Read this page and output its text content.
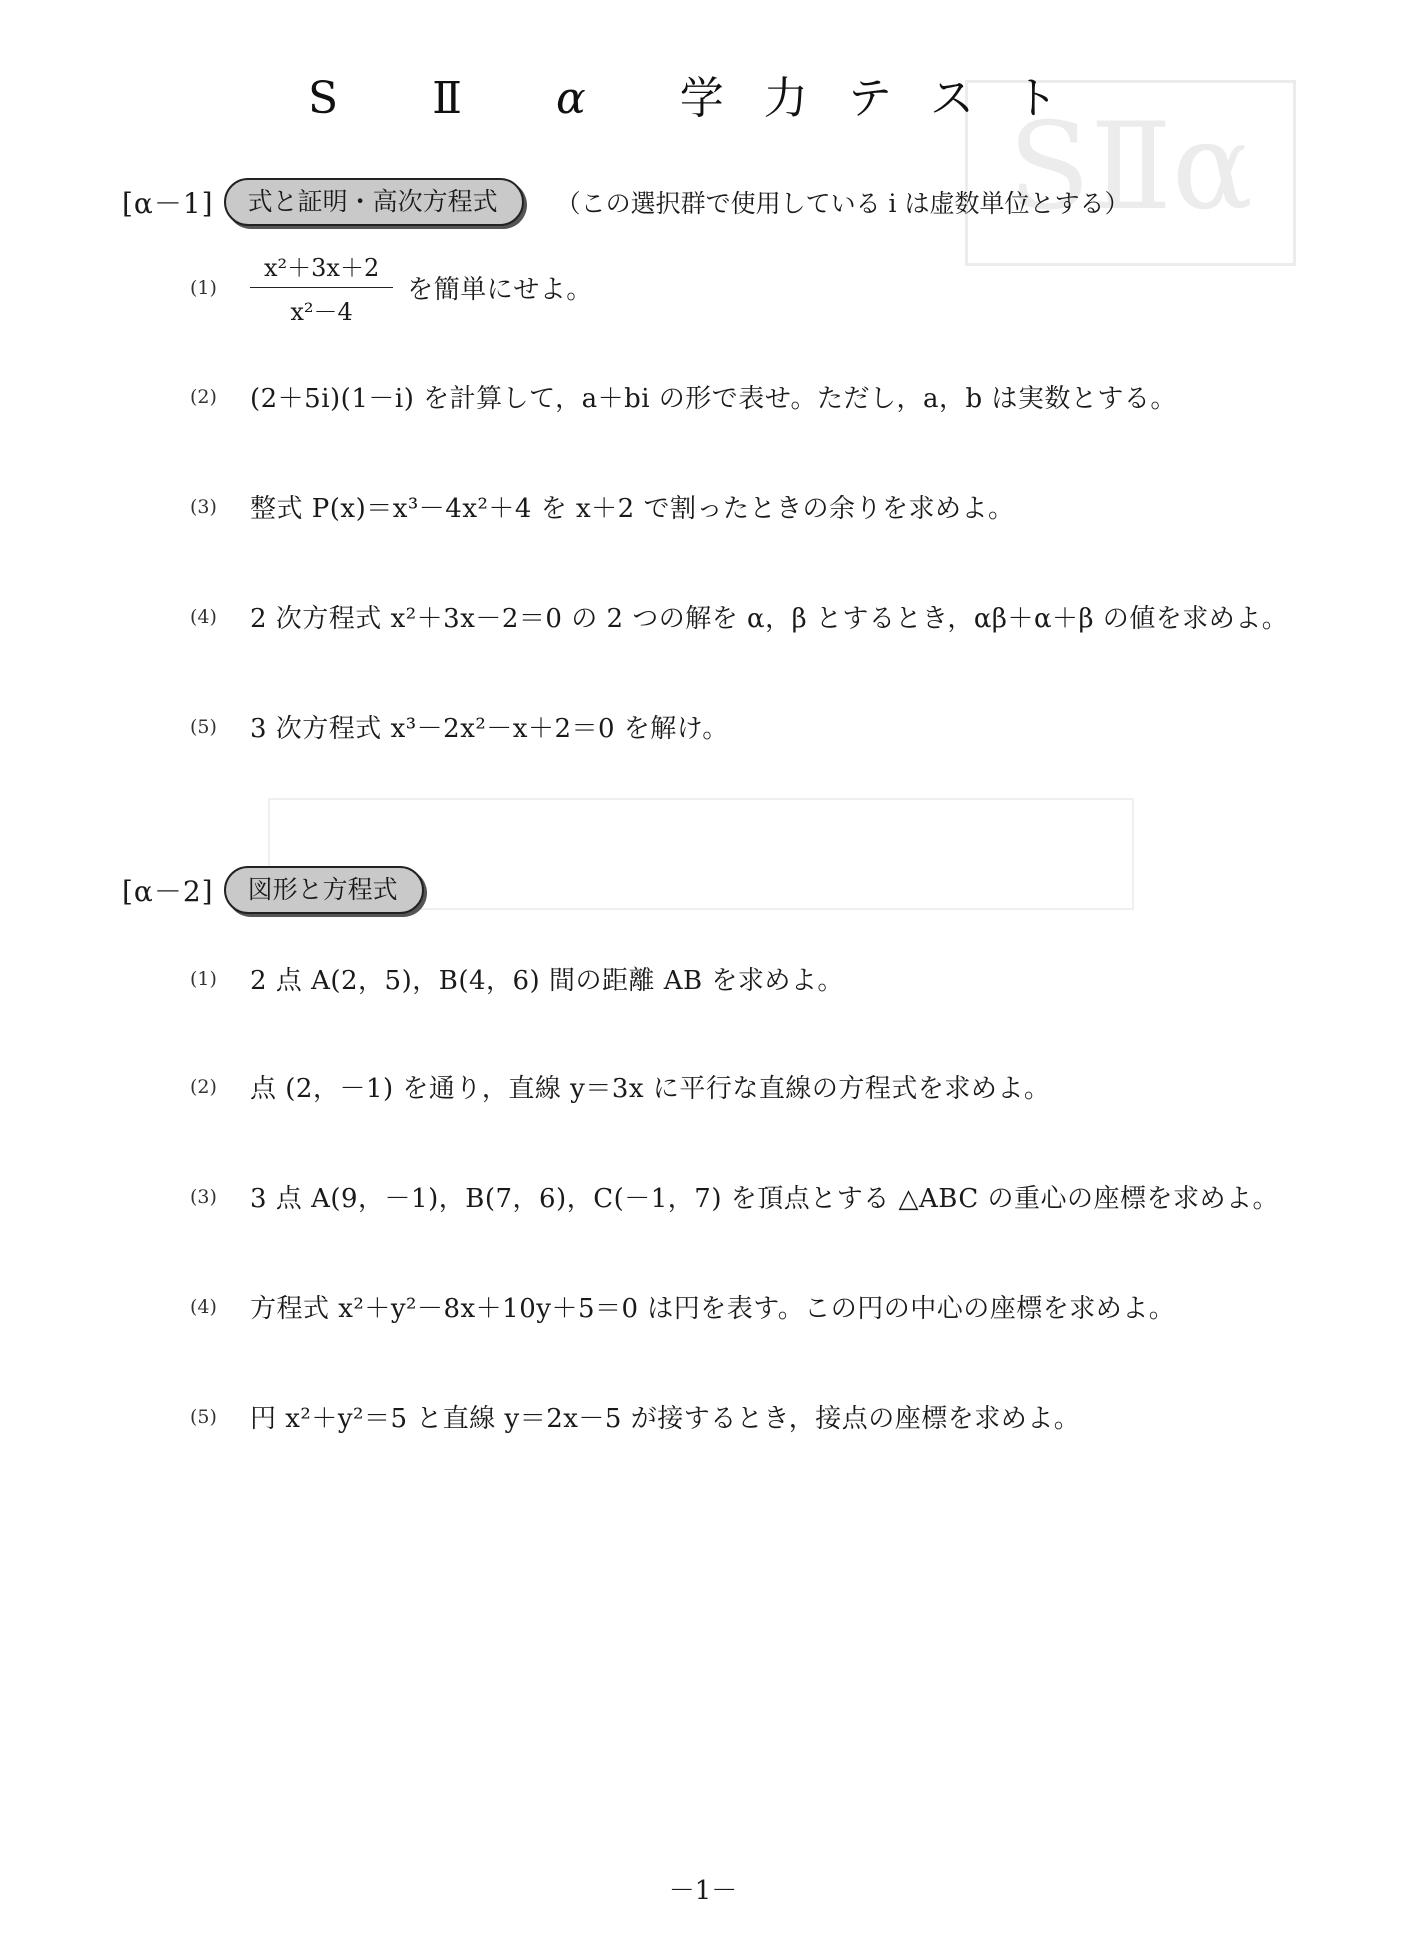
SⅡα
S Ⅱ α 学力テスト
[α－1]	式と証明・高次方程式	（この選択群で使用している i は虚数単位とする）
(1)	$\frac{\text{x²＋3x＋2}}{\text{x²－4}}$ を簡単にせよ。
(2)	(2＋5i)(1－i) を計算して，a＋bi の形で表せ。ただし，a，b は実数とする。
(3)	整式 P(x)＝x³－4x²＋4 を x＋2 で割ったときの余りを求めよ。
(4)	2 次方程式 x²＋3x－2＝0 の 2 つの解を α，β とするとき，αβ＋α＋β の値を求めよ。
(5)	3 次方程式 x³－2x²－x＋2＝0 を解け。
[α－2]	図形と方程式
(1)	2 点 A(2，5)，B(4，6) 間の距離 AB を求めよ。
(2)	点 (2，－1) を通り，直線 y＝3x に平行な直線の方程式を求めよ。
(3)	3 点 A(9，－1)，B(7，6)，C(－1，7) を頂点とする △ABC の重心の座標を求めよ。
(4)	方程式 x²＋y²－8x＋10y＋5＝0 は円を表す。この円の中心の座標を求めよ。
(5)	円 x²＋y²＝5 と直線 y＝2x－5 が接するとき，接点の座標を求めよ。
－1－
